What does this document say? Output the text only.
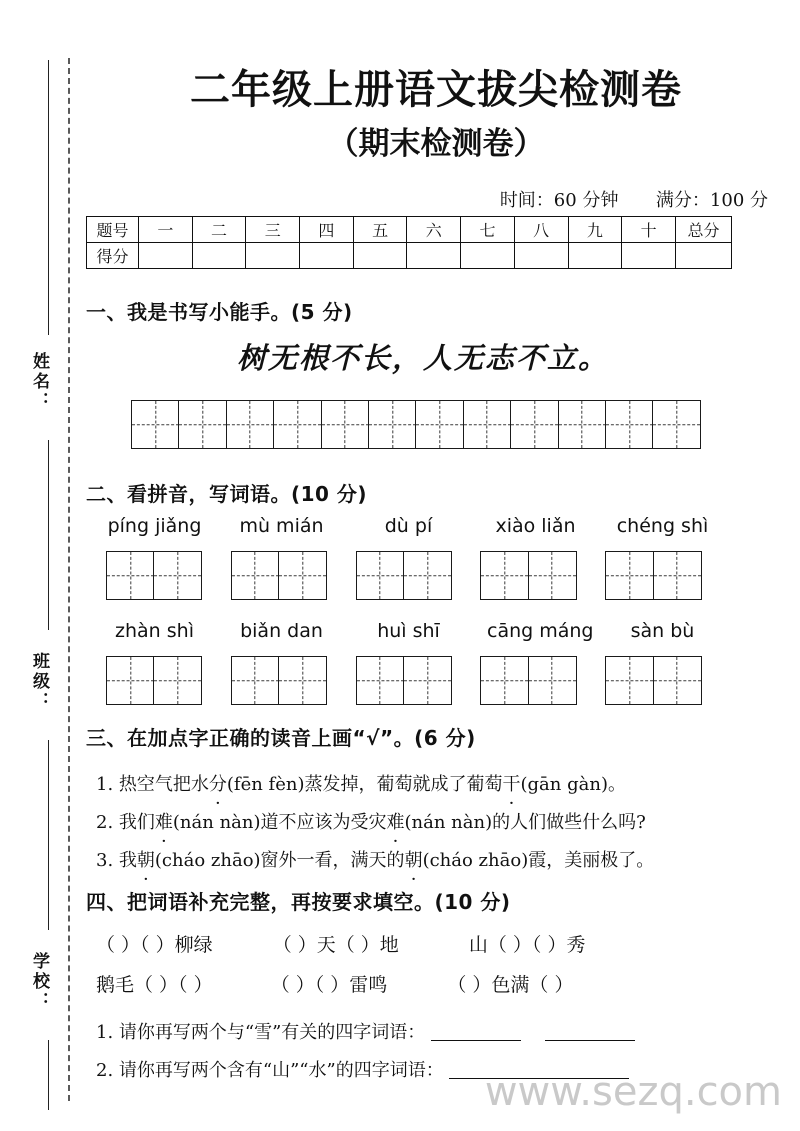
姓名：
班级：
学校：
二年级上册语文拔尖检测卷
（期末检测卷）
时间：60 分钟 满分：100 分
题号	一	二	三	四	五	六	七	八	九	十	总分
得分											
一、我是书写小能手。(5 分)
树无根不长，人无志不立。
二、看拼音，写词语。(10 分)
píng jiǎng	mù mián	dù pí	xiào liǎn	chéng shì
zhàn shì	biǎn dan	huì shī	cāng máng	sàn bù
三、在加点字正确的读音上画“√”。(6 分)
1. 热空气把水分(fēn fèn)蒸发掉，葡萄就成了葡萄干(gān gàn)。
2. 我们难(nán nàn)道不应该为受灾难(nán nàn)的人们做些什么吗?
3. 我朝(cháo zhāo)窗外一看，满天的朝(cháo zhāo)霞，美丽极了。
四、把词语补充完整，再按要求填空。(10 分)
（ ）（ ）柳绿	（ ）天（ ）地	山（ ）（ ）秀
鹅毛（ ）（ ）	（ ）（ ）雷鸣	（ ）色满（ ）
1. 请你再写两个与“雪”有关的四字词语：
2. 请你再写两个含有“山”“水”的四字词语：	www.sezq.com
